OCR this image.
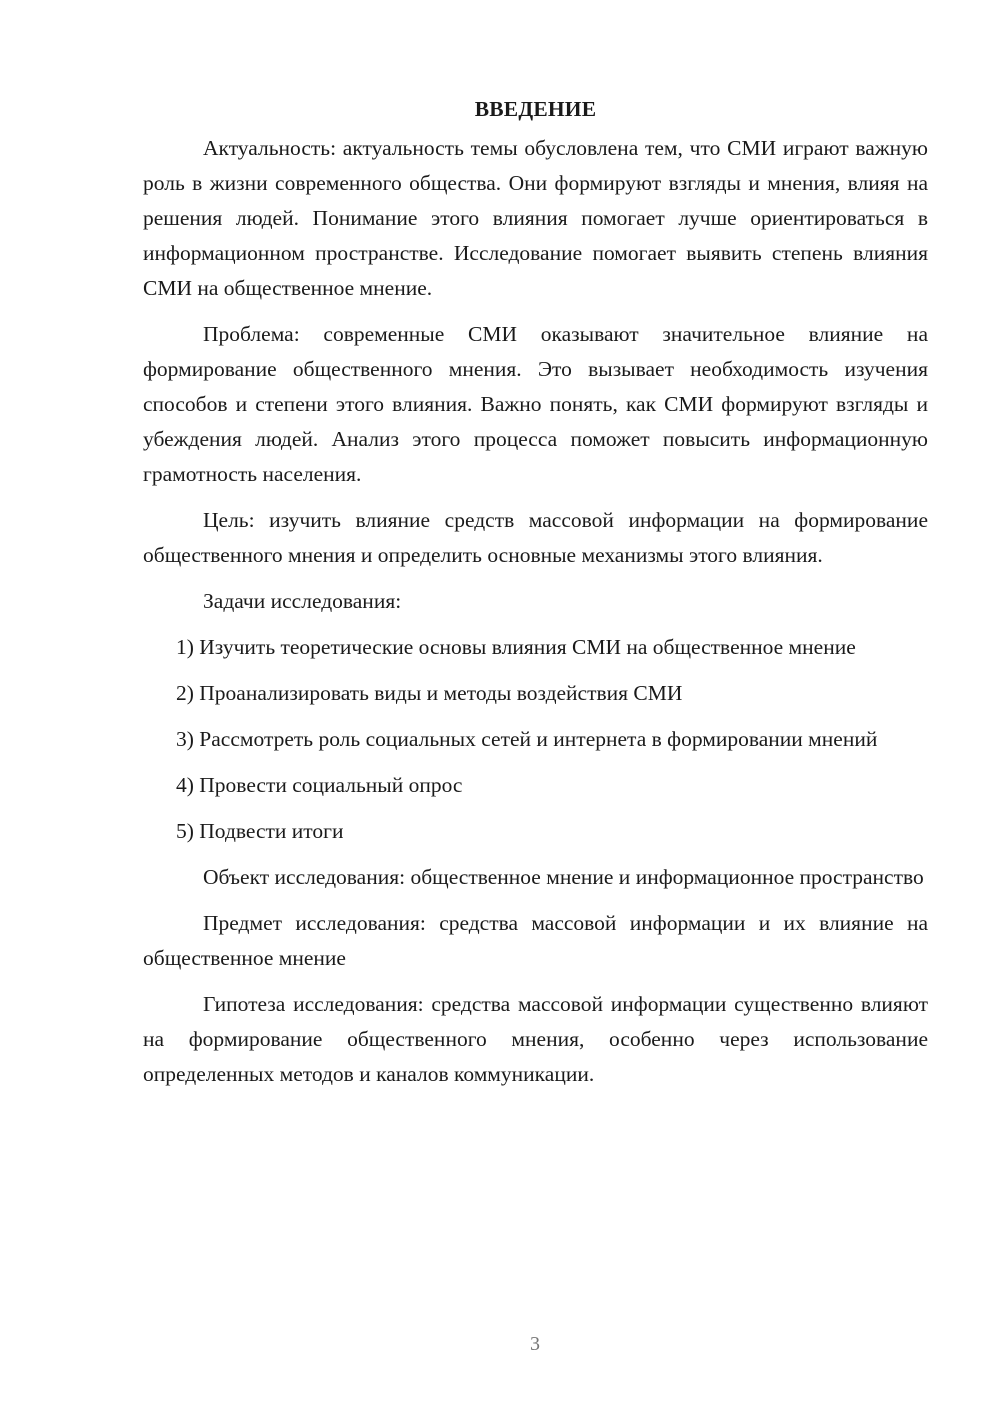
ВВЕДЕНИЕ

Актуальность: актуальность темы обусловлена тем, что СМИ играют важную роль в жизни современного общества. Они формируют взгляды и мнения, влияя на решения людей. Понимание этого влияния помогает лучше ориентироваться в информационном пространстве. Исследование помогает выявить степень влияния СМИ на общественное мнение.

Проблема: современные СМИ оказывают значительное влияние на формирование общественного мнения. Это вызывает необходимость изучения способов и степени этого влияния. Важно понять, как СМИ формируют взгляды и убеждения людей. Анализ этого процесса поможет повысить информационную грамотность населения.

Цель: изучить влияние средств массовой информации на формирование общественного мнения и определить основные механизмы этого влияния.

Задачи исследования:

1) Изучить теоретические основы влияния СМИ на общественное мнение

2) Проанализировать виды и методы воздействия СМИ

3) Рассмотреть роль социальных сетей и интернета в формировании мнений

4) Провести социальный опрос

5) Подвести итоги

Объект исследования: общественное мнение и информационное пространство

Предмет исследования: средства массовой информации и их влияние на общественное мнение

Гипотеза исследования: средства массовой информации существенно влияют на формирование общественного мнения, особенно через использование определенных методов и каналов коммуникации.

3
